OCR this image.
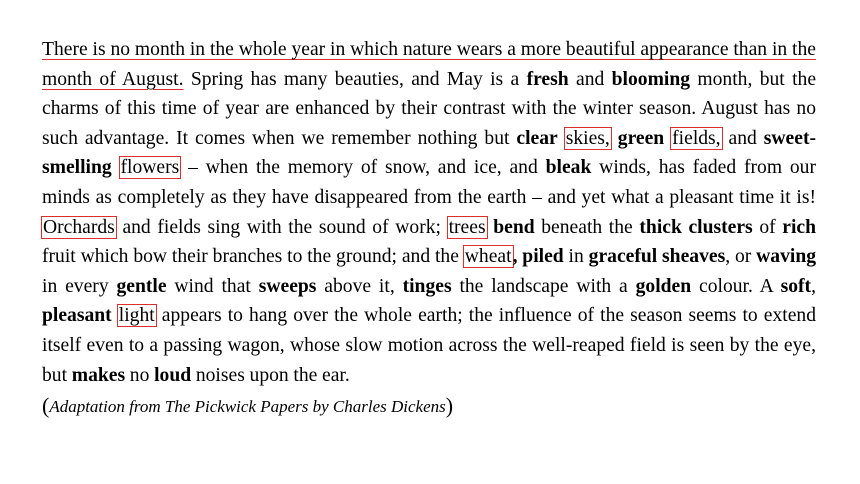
There is no month in the whole year in which nature wears a more beautiful appearance than in the month of August. Spring has many beauties, and May is a fresh and blooming month, but the charms of this time of year are enhanced by their contrast with the winter season. August has no such advantage. It comes when we remember nothing but clear skies, green fields, and sweet-smelling flowers – when the memory of snow, and ice, and bleak winds, has faded from our minds as completely as they have disappeared from the earth – and yet what a pleasant time it is! Orchards and fields sing with the sound of work; trees bend beneath the thick clusters of rich fruit which bow their branches to the ground; and the wheat, piled in graceful sheaves, or waving in every gentle wind that sweeps above it, tinges the landscape with a golden colour. A soft, pleasant light appears to hang over the whole earth; the influence of the season seems to extend itself even to a passing wagon, whose slow motion across the well-reaped field is seen by the eye, but makes no loud noises upon the ear.

(Adaptation from The Pickwick Papers by Charles Dickens)
